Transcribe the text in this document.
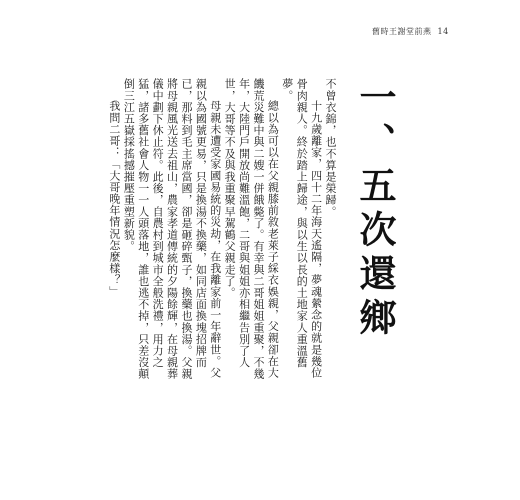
舊時王謝堂前燕 14
一、五次還鄉

不曾衣錦，也不算是榮歸。

十九歲離家，四十二年海天遙隔，夢魂縈念的就是幾位骨肉親人。終於踏上歸途，與以生以長的土地家人重溫舊夢。

總以為可以在父親膝前敘老萊子綵衣娛親，父親卻在大饑荒災難中與二嫂一併餓斃了。有幸與二哥姐姐重聚，不幾年，大陸門戶開放尚難溫飽，二哥與姐姐亦相繼告別了人世，大哥等不及與我重聚早駕鶴父親走了。

母親未遭受家國易統的災劫，在我離家前一年辭世。父親以為國號更易，只是換湯不換藥，如同店面換塊招牌而已，那料到毛主席當國，卻是砸碎甄子，換藥也換湯。父親將母親風光送去祖山，農家孝道傳統的夕陽餘輝，在母親葬儀中劃下休止符。此後，自農村到城市全般洗禮，用力之猛，諸多舊社會人物一一人頭落地，誰也逃不掉，只差沒顛倒三江五嶽採搖撼摧壓重塑新貌。

我問二哥：「大哥晚年情況怎麼樣？」
